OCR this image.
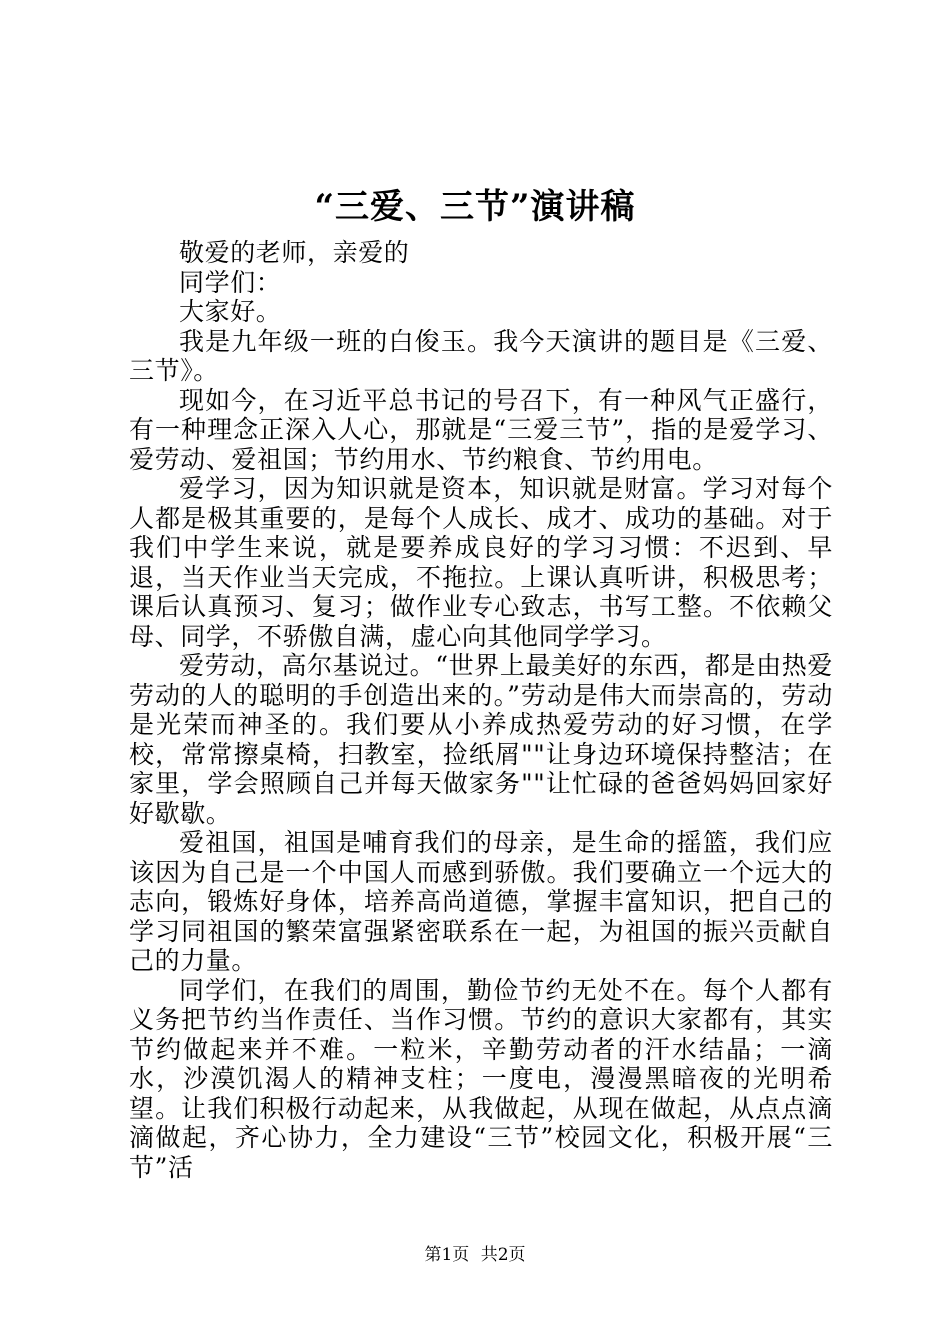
“三爱、三节”演讲稿

敬爱的老师，亲爱的

同学们：

大家好。

我是九年级一班的白俊玉。我今天演讲的题目是《三爱、三节》。

现如今，在习近平总书记的号召下，有一种风气正盛行，有一种理念正深入人心，那就是“三爱三节”，指的是爱学习、爱劳动、爱祖国；节约用水、节约粮食、节约用电。

爱学习，因为知识就是资本，知识就是财富。学习对每个人都是极其重要的，是每个人成长、成才、成功的基础。对于我们中学生来说，就是要养成良好的学习习惯：不迟到、早退，当天作业当天完成，不拖拉。上课认真听讲，积极思考；课后认真预习、复习；做作业专心致志，书写工整。不依赖父母、同学，不骄傲自满，虚心向其他同学学习。

爱劳动，高尔基说过。“世界上最美好的东西，都是由热爱劳动的人的聪明的手创造出来的。”劳动是伟大而崇高的，劳动是光荣而神圣的。我们要从小养成热爱劳动的好习惯，在学校，常常擦桌椅，扫教室，捡纸屑""让身边环境保持整洁；在家里，学会照顾自己并每天做家务""让忙碌的爸爸妈妈回家好好歇歇。

爱祖国，祖国是哺育我们的母亲，是生命的摇篮，我们应该因为自己是一个中国人而感到骄傲。我们要确立一个远大的志向，锻炼好身体，培养高尚道德，掌握丰富知识，把自己的学习同祖国的繁荣富强紧密联系在一起，为祖国的振兴贡献自己的力量。

同学们，在我们的周围，勤俭节约无处不在。每个人都有义务把节约当作责任、当作习惯。节约的意识大家都有，其实节约做起来并不难。一粒米，辛勤劳动者的汗水结晶；一滴水，沙漠饥渴人的精神支柱；一度电，漫漫黑暗夜的光明希望。让我们积极行动起来，从我做起，从现在做起，从点点滴滴做起，齐心协力，全力建设“三节”校园文化，积极开展“三节”活

第1页 共2页
